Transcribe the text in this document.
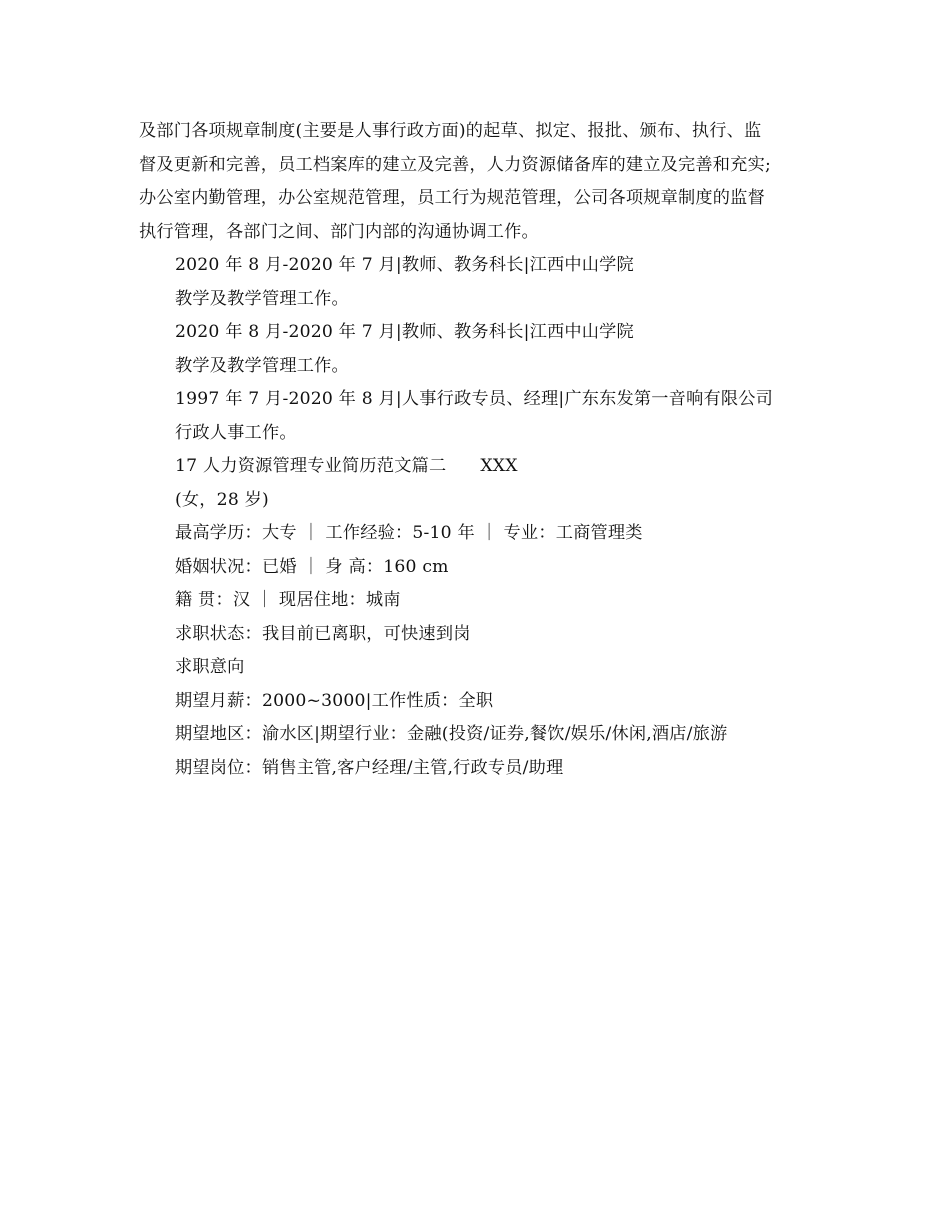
及部门各项规章制度(主要是人事行政方面)的起草、拟定、报批、颁布、执行、监
督及更新和完善，员工档案库的建立及完善，人力资源储备库的建立及完善和充实;
办公室内勤管理，办公室规范管理，员工行为规范管理，公司各项规章制度的监督
执行管理，各部门之间、部门内部的沟通协调工作。
2020 年 8 月-2020 年 7 月|教师、教务科长|江西中山学院
教学及教学管理工作。
2020 年 8 月-2020 年 7 月|教师、教务科长|江西中山学院
教学及教学管理工作。
1997 年 7 月-2020 年 8 月|人事行政专员、经理|广东东发第一音响有限公司
行政人事工作。
17 人力资源管理专业简历范文篇二 XXX
(女，28 岁)
最高学历：大专 ｜ 工作经验：5-10 年 ｜ 专业：工商管理类
婚姻状况：已婚 ｜ 身 高：160 cm
籍 贯：汉 ｜ 现居住地：城南
求职状态：我目前已离职，可快速到岗
求职意向
期望月薪：2000~3000|工作性质：全职
期望地区：渝水区|期望行业：金融(投资/证券,餐饮/娱乐/休闲,酒店/旅游
期望岗位：销售主管,客户经理/主管,行政专员/助理
